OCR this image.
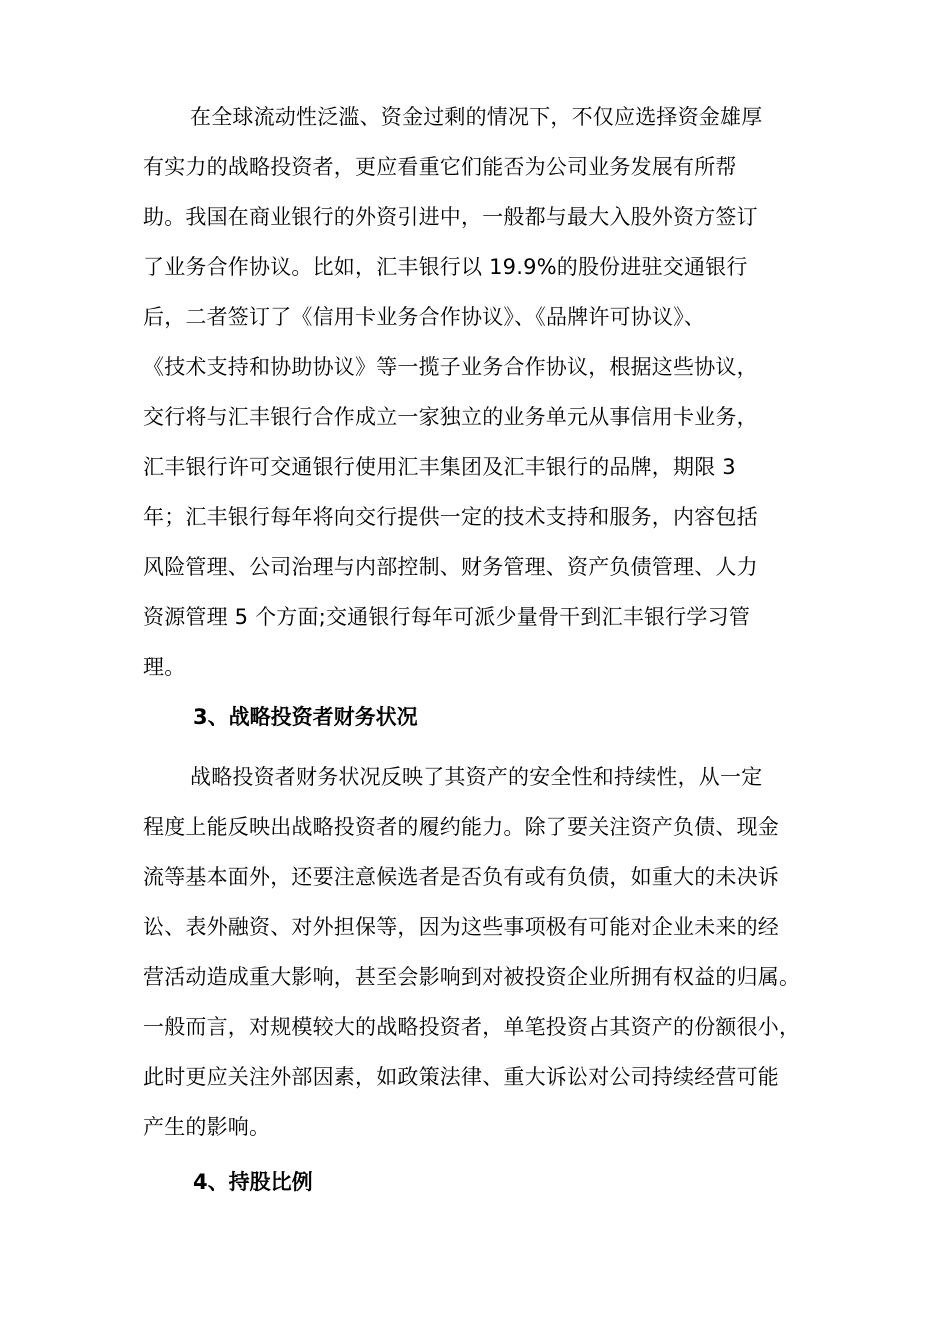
在全球流动性泛滥、资金过剩的情况下，不仅应选择资金雄厚
有实力的战略投资者，更应看重它们能否为公司业务发展有所帮
助。我国在商业银行的外资引进中，一般都与最大入股外资方签订
了业务合作协议。比如，汇丰银行以 19.9%的股份进驻交通银行
后，二者签订了《信用卡业务合作协议》、《品牌许可协议》、
《技术支持和协助协议》等一揽子业务合作协议，根据这些协议，
交行将与汇丰银行合作成立一家独立的业务单元从事信用卡业务，
汇丰银行许可交通银行使用汇丰集团及汇丰银行的品牌，期限 3
年；汇丰银行每年将向交行提供一定的技术支持和服务，内容包括
风险管理、公司治理与内部控制、财务管理、资产负债管理、人力
资源管理 5 个方面;交通银行每年可派少量骨干到汇丰银行学习管
理。
3、战略投资者财务状况
战略投资者财务状况反映了其资产的安全性和持续性，从一定
程度上能反映出战略投资者的履约能力。除了要关注资产负债、现金
流等基本面外，还要注意候选者是否负有或有负债，如重大的未决诉
讼、表外融资、对外担保等，因为这些事项极有可能对企业未来的经
营活动造成重大影响，甚至会影响到对被投资企业所拥有权益的归属。
一般而言，对规模较大的战略投资者，单笔投资占其资产的份额很小，
此时更应关注外部因素，如政策法律、重大诉讼对公司持续经营可能
产生的影响。
4、持股比例
